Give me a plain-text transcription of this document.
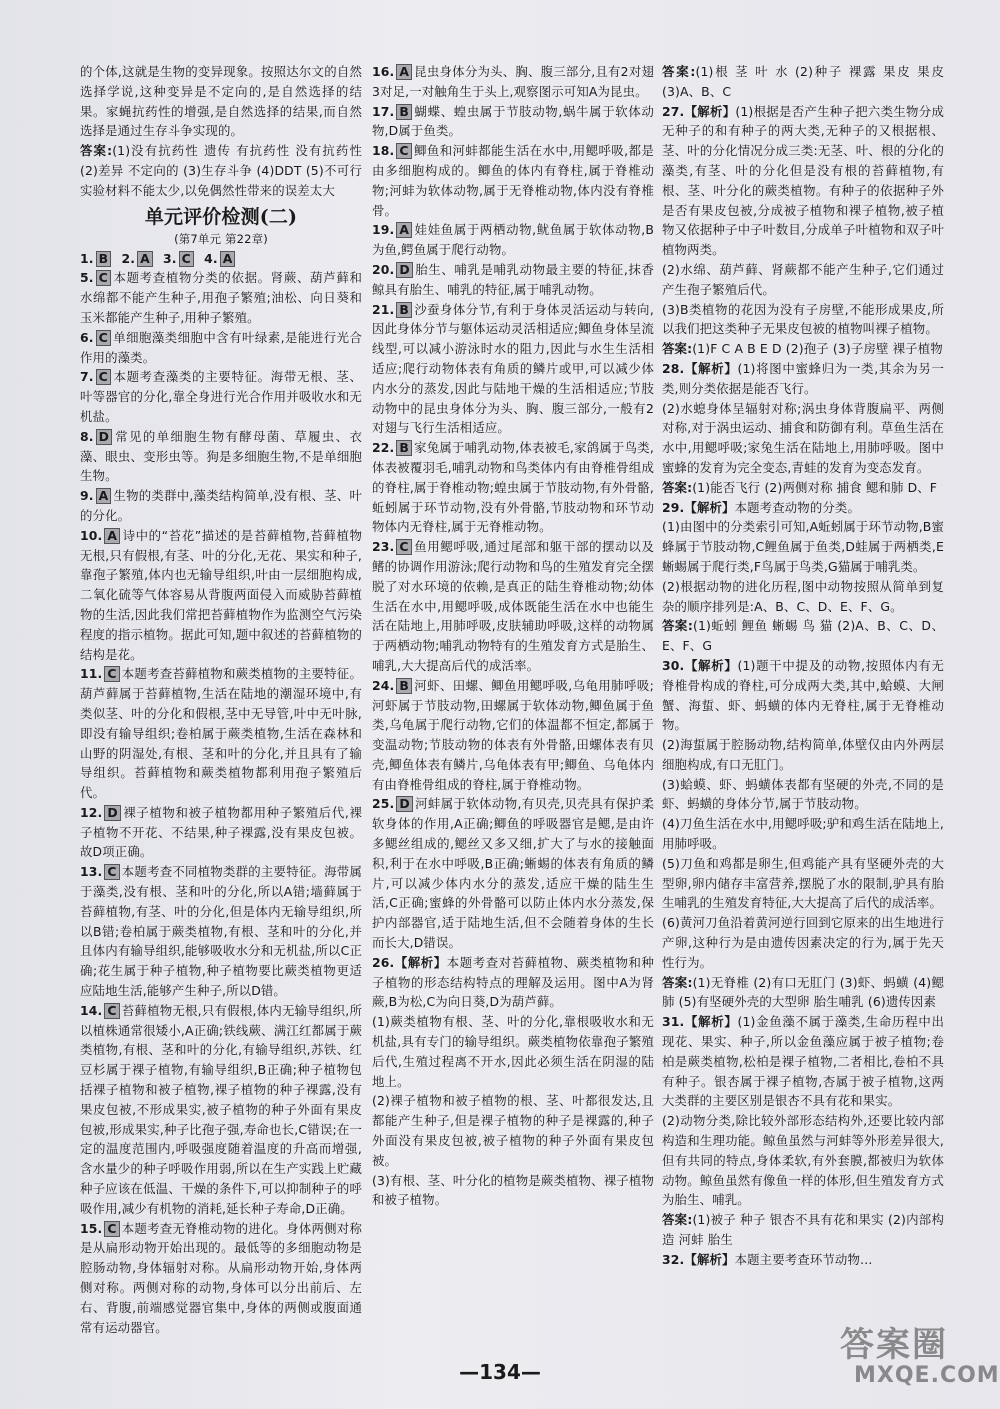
的个体,这就是生物的变异现象。按照达尔文的自然选择学说,这种变异是不定向的,是自然选择的结果。家蝇抗药性的增强,是自然选择的结果,而自然选择是通过生存斗争实现的。

答案:(1)没有抗药性 遗传 有抗药性 没有抗药性 (2)差异 不定向的 (3)生存斗争 (4)DDT (5)不可行 实验材料不能太少,以免偶然性带来的误差太大

单元评价检测(二)
(第7单元 第22章)

1. B 2. A 3. C 4. A

5. C 本题考查植物分类的依据。肾蕨、葫芦藓和水绵都不能产生种子,用孢子繁殖;油松、向日葵和玉米都能产生种子,用种子繁殖。

6. C 单细胞藻类细胞中含有叶绿素,是能进行光合作用的藻类。

7. C 本题考查藻类的主要特征。海带无根、茎、叶等器官的分化,靠全身进行光合作用并吸收水和无机盐。

8. D 常见的单细胞生物有酵母菌、草履虫、衣藻、眼虫、变形虫等。狗是多细胞生物,不是单细胞生物。

9. A 生物的类群中,藻类结构简单,没有根、茎、叶的分化。

10. A 诗中的“苔花”描述的是苔藓植物,苔藓植物无根,只有假根,有茎、叶的分化,无花、果实和种子,靠孢子繁殖,体内也无输导组织,叶由一层细胞构成,二氧化硫等气体容易从背腹两面侵入而威胁苔藓植物的生活,因此我们常把苔藓植物作为监测空气污染程度的指示植物。据此可知,题中叙述的苔藓植物的结构是花。

11. C 本题考查苔藓植物和蕨类植物的主要特征。葫芦藓属于苔藓植物,生活在陆地的潮湿环境中,有类似茎、叶的分化和假根,茎中无导管,叶中无叶脉,即没有输导组织;卷柏属于蕨类植物,生活在森林和山野的阴湿处,有根、茎和叶的分化,并且具有了输导组织。苔藓植物和蕨类植物都利用孢子繁殖后代。

12. D 裸子植物和被子植物都用种子繁殖后代,裸子植物不开花、不结果,种子裸露,没有果皮包被。故D项正确。

13. C 本题考查不同植物类群的主要特征。海带属于藻类,没有根、茎和叶的分化,所以A错;墙藓属于苔藓植物,有茎、叶的分化,但是体内无输导组织,所以B错;卷柏属于蕨类植物,有根、茎和叶的分化,并且体内有输导组织,能够吸收水分和无机盐,所以C正确;花生属于种子植物,种子植物要比蕨类植物更适应陆地生活,能够产生种子,所以D错。

14. C 苔藓植物无根,只有假根,体内无输导组织,所以植株通常很矮小,A正确;铁线蕨、满江红都属于蕨类植物,有根、茎和叶的分化,有输导组织,苏铁、红豆杉属于裸子植物,有输导组织,B正确;种子植物包括裸子植物和被子植物,裸子植物的种子裸露,没有果皮包被,不形成果实,被子植物的种子外面有果皮包被,形成果实,种子比孢子强,寿命也长,C错误;在一定的温度范围内,呼吸强度随着温度的升高而增强,含水量少的种子呼吸作用弱,所以在生产实践上贮藏种子应该在低温、干燥的条件下,可以抑制种子的呼吸作用,减少有机物的消耗,延长种子寿命,D正确。

15. C 本题考查无脊椎动物的进化。身体两侧对称是从扁形动物开始出现的。最低等的多细胞动物是腔肠动物,身体辐射对称。从扁形动物开始,身体两侧对称。两侧对称的动物,身体可以分出前后、左右、背腹,前端感觉器官集中,身体的两侧或腹面通常有运动器官。

16. A 昆虫身体分为头、胸、腹三部分,且有2对翅3对足,一对触角生于头上,观察图示可知A为昆虫。

17. B 蝴蝶、蝗虫属于节肢动物,蜗牛属于软体动物,D属于鱼类。

18. C 鲫鱼和河蚌都能生活在水中,用鳃呼吸,都是由多细胞构成的。鲫鱼的体内有脊柱,属于脊椎动物;河蚌为软体动物,属于无脊椎动物,体内没有脊椎骨。

19. A 娃娃鱼属于两栖动物,鱿鱼属于软体动物,B为鱼,鳄鱼属于爬行动物。

20. D 胎生、哺乳是哺乳动物最主要的特征,抹香鲸具有胎生、哺乳的特征,属于哺乳动物。

21. B 沙蚕身体分节,有利于身体灵活运动与转向,因此身体分节与躯体运动灵活相适应;鲫鱼身体呈流线型,可以减小游泳时水的阻力,因此与水生生活相适应;爬行动物体表有角质的鳞片或甲,可以减少体内水分的蒸发,因此与陆地干燥的生活相适应;节肢动物中的昆虫身体分为头、胸、腹三部分,一般有2对翅与飞行生活相适应。

22. B 家兔属于哺乳动物,体表被毛,家鸽属于鸟类,体表被覆羽毛,哺乳动物和鸟类体内有由脊椎骨组成的脊柱,属于脊椎动物;蝗虫属于节肢动物,有外骨骼,蚯蚓属于环节动物,没有外骨骼,节肢动物和环节动物体内无脊柱,属于无脊椎动物。

23. C 鱼用鳃呼吸,通过尾部和躯干部的摆动以及鳍的协调作用游泳;爬行动物和鸟的生殖发育完全摆脱了对水环境的依赖,是真正的陆生脊椎动物;幼体生活在水中,用鳃呼吸,成体既能生活在水中也能生活在陆地上,用肺呼吸,皮肤辅助呼吸,这样的动物属于两栖动物;哺乳动物特有的生殖发育方式是胎生、哺乳,大大提高后代的成活率。

24. B 河虾、田螺、鲫鱼用鳃呼吸,乌龟用肺呼吸;河虾属于节肢动物,田螺属于软体动物,鲫鱼属于鱼类,乌龟属于爬行动物,它们的体温都不恒定,都属于变温动物;节肢动物的体表有外骨骼,田螺体表有贝壳,鲫鱼体表有鳞片,乌龟体表有甲;鲫鱼、乌龟体内有由脊椎骨组成的脊柱,属于脊椎动物。

25. D 河蚌属于软体动物,有贝壳,贝壳具有保护柔软身体的作用,A正确;鲫鱼的呼吸器官是鳃,是由许多鳃丝组成的,鳃丝又多又细,扩大了与水的接触面积,利于在水中呼吸,B正确;蜥蜴的体表有角质的鳞片,可以减少体内水分的蒸发,适应干燥的陆生生活,C正确;蜜蜂的外骨骼可以防止体内水分蒸发,保护内部器官,适于陆地生活,但不会随着身体的生长而长大,D错误。

26.【解析】本题考查对苔藓植物、蕨类植物和种子植物的形态结构特点的理解及运用。图中A为肾蕨,B为松,C为向日葵,D为葫芦藓。

(1)蕨类植物有根、茎、叶的分化,靠根吸收水和无机盐,具有专门的输导组织。蕨类植物依靠孢子繁殖后代,生殖过程离不开水,因此必须生活在阴湿的陆地上。

(2)裸子植物和被子植物的根、茎、叶都很发达,且都能产生种子,但是裸子植物的种子是裸露的,种子外面没有果皮包被,被子植物的种子外面有果皮包被。

(3)有根、茎、叶分化的植物是蕨类植物、裸子植物和被子植物。

答案:(1)根 茎 叶 水 (2)种子 裸露 果皮 果皮 (3)A、B、C

27.【解析】(1)根据是否产生种子把六类生物分成无种子的和有种子的两大类,无种子的又根据根、茎、叶的分化情况分成三类:无茎、叶、根的分化的藻类,有茎、叶的分化但是没有根的苔藓植物,有根、茎、叶分化的蕨类植物。有种子的依据种子外是否有果皮包被,分成被子植物和裸子植物,被子植物又依据种子中子叶数目,分成单子叶植物和双子叶植物两类。

(2)水绵、葫芦藓、肾蕨都不能产生种子,它们通过产生孢子繁殖后代。

(3)B类植物的花因为没有子房壁,不能形成果皮,所以我们把这类种子无果皮包被的植物叫裸子植物。

答案:(1)F C A B E D (2)孢子 (3)子房壁 裸子植物

28.【解析】(1)将图中蜜蜂归为一类,其余为另一类,则分类依据是能否飞行。

(2)水螅身体呈辐射对称;涡虫身体背腹扁平、两侧对称,对于涡虫运动、捕食和防御有利。草鱼生活在水中,用鳃呼吸;家兔生活在陆地上,用肺呼吸。图中蜜蜂的发育为完全变态,青蛙的发育为变态发育。

答案:(1)能否飞行 (2)两侧对称 捕食 鳃和肺 D、F

29.【解析】本题考查动物的分类。

(1)由图中的分类索引可知,A蚯蚓属于环节动物,B蜜蜂属于节肢动物,C鲤鱼属于鱼类,D蛙属于两栖类,E蜥蜴属于爬行类,F鸟属于鸟类,G猫属于哺乳类。

(2)根据动物的进化历程,图中动物按照从简单到复杂的顺序排列是:A、B、C、D、E、F、G。

答案:(1)蚯蚓 鲤鱼 蜥蜴 鸟 猫 (2)A、B、C、D、E、F、G

30.【解析】(1)题干中提及的动物,按照体内有无脊椎骨构成的脊柱,可分成两大类,其中,蛤蟆、大闸蟹、海蜇、虾、蚂蟥的体内无脊柱,属于无脊椎动物。

(2)海蜇属于腔肠动物,结构简单,体壁仅由内外两层细胞构成,有口无肛门。

(3)蛤蟆、虾、蚂蟥体表都有坚硬的外壳,不同的是虾、蚂蟥的身体分节,属于节肢动物。

(4)刀鱼生活在水中,用鳃呼吸;驴和鸡生活在陆地上,用肺呼吸。

(5)刀鱼和鸡都是卵生,但鸡能产具有坚硬外壳的大型卵,卵内储存丰富营养,摆脱了水的限制,驴具有胎生哺乳的生殖发育特征,大大提高了后代的成活率。

(6)黄河刀鱼沿着黄河逆行回到它原来的出生地进行产卵,这种行为是由遗传因素决定的行为,属于先天性行为。

答案:(1)无脊椎 (2)有口无肛门 (3)虾、蚂蟥 (4)鳃 肺 (5)有坚硬外壳的大型卵 胎生哺乳 (6)遗传因素

31.【解析】(1)金鱼藻不属于藻类,生命历程中出现花、果实、种子,所以金鱼藻应属于被子植物;卷柏是蕨类植物,松柏是裸子植物,二者相比,卷柏不具有种子。银杏属于裸子植物,杏属于被子植物,这两大类群的主要区别是银杏不具有花和果实。

(2)动物分类,除比较外部形态结构外,还要比较内部构造和生理功能。鲸鱼虽然与河蚌等外形差异很大,但有共同的特点,身体柔软,有外套膜,都被归为软体动物。鲸鱼虽然有像鱼一样的体形,但生殖发育方式为胎生、哺乳。

答案:(1)被子 种子 银杏不具有花和果实 (2)内部构造 河蚌 胎生

32.【解析】本题主要考查环节动物…

—134—
答案圈
MXQE.COM
